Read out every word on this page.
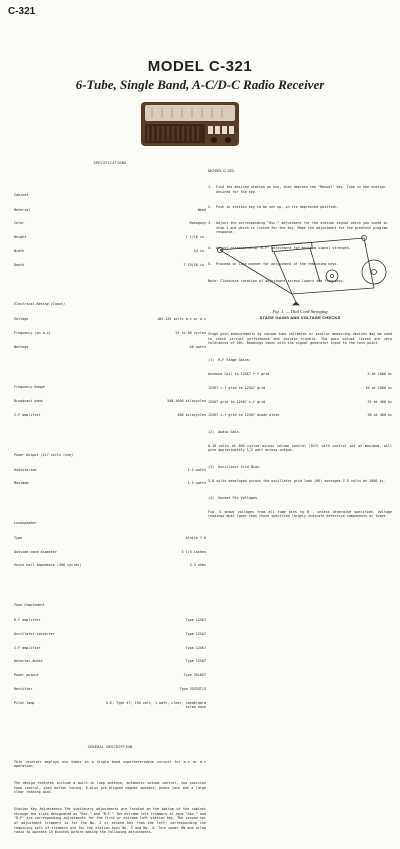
C-321
MODEL C-321
6-Tube, Single Band, A-C/D-C Radio Receiver

SPECIFICATIONS

Cabinet

Material	Wood

Color	Mahogany

Height	7 1/16 in.

Width	14 in.

Depth	7 15/16 in.

Electrical Rating (Input)

Voltage	105-125 volts a-c or d-c

Frequency (on a-c)	25 to 60 cycles

Wattage	40 watts

Frequency Range

Broadcast band	540-1600 kilocycles

I-F amplifier	460 kilocycles

Power Output (117 volts line)

Undistorted	1.2 watts

Maximum	1.5 watts

Loudspeaker

Type	Alnico 7.6

Outside cone diameter	5 1/4 inches

Voice coil impedance (400 cycles)	3.5 ohms

Tube Complement

R-F amplifier	Type 12SK7

Oscillator-converter	Type 12SA7

I-F amplifier	Type 12SK7

Detector-audio	Type 12SQ7

Power output	Type 35L6GT

Rectifier	Type 35Z5GT/G

Pilot lamp	G.E. Type 47, 150 volt, 1 watt, clear, candelabra screw base

GENERAL DESCRIPTION

This receiver employs six tubes in a single band superheterodyne circuit for a-c or d-c operation.

The design features include a built-in loop antenna, automatic volume control, two position tone control, push button tuning, 6-plus pre-aligned magnet speaker, phono jack and a large clear reading dial.

Station Key Adjustments The stationary adjustments are located on the bottom of the cabinet through the slots designated as "Osc." and "R-F." The extreme left trimmers is rows "Osc." and "R-F" are corresponding adjustments for the first or extreme left station key. The second set of adjustment trimmers is for the No. 2 or second key from the left; corresponding the remaining sets of trimmers are for the station keys No. 3 and No. 4. Turn power ON and allow radio to operate 15 minutes before making the following adjustments.

MODEL C-321

1.	Find the desired station on key, then depress the "Manual" key. Tune in the station desired for the key.

2.	Push in station key to be set up, in its depressed position.

3.	Adjust the corresponding "Osc." adjustment for the station signal which you tuned in step 1 and which is listed for the key. Make the adjustment for the greatest program response.

4.	Adjust corresponding "R-F" adjustment for maximum signal strength.

5.	Proceed in like manner for adjustment of the remaining keys.

Note: Clockwise rotation of adjustment screws lowers the frequency.

Fig. 1. — Dial Cord Stringing
STAGE GAINS AND VOLTAGE CHECKS

Stage gain measurements by vacuum tube voltmeter or similar measuring devices may be used to check circuit performance and isolate trouble. The gain values listed are zero tolerances of 20%. Readings taken with the signal generator input to the test point.

(1)  R-F Stage Gains:

Antenna Coil to 12SK7 r-f grid	5 at 1000 kc

12SK7 r-f grid to 12SA7 grid	10 at 1000 kc

12SA7 grid to 12SK7 i-f grid	35 at 460 kc

12SK7 i-f grid to 12SQ7 diode plate	30 at 460 kc

(2)  Audio Gain.

0.10 volts at 400 cycles across volume control (R17) with control set at maximum, will give approximately 1/2 watt across output.

(3)  Oscillator Grid Bias.

3-8 volts developed across the oscillator grid leak (R6) averages 7.5 volts at 1000 kc.

(4)  Socket Pin Voltages.

Fig. 5 shows voltages from all tube pins to B - unless otherwise specified. Voltage readings must lower than those specified largely indicate defective components or tubes.
